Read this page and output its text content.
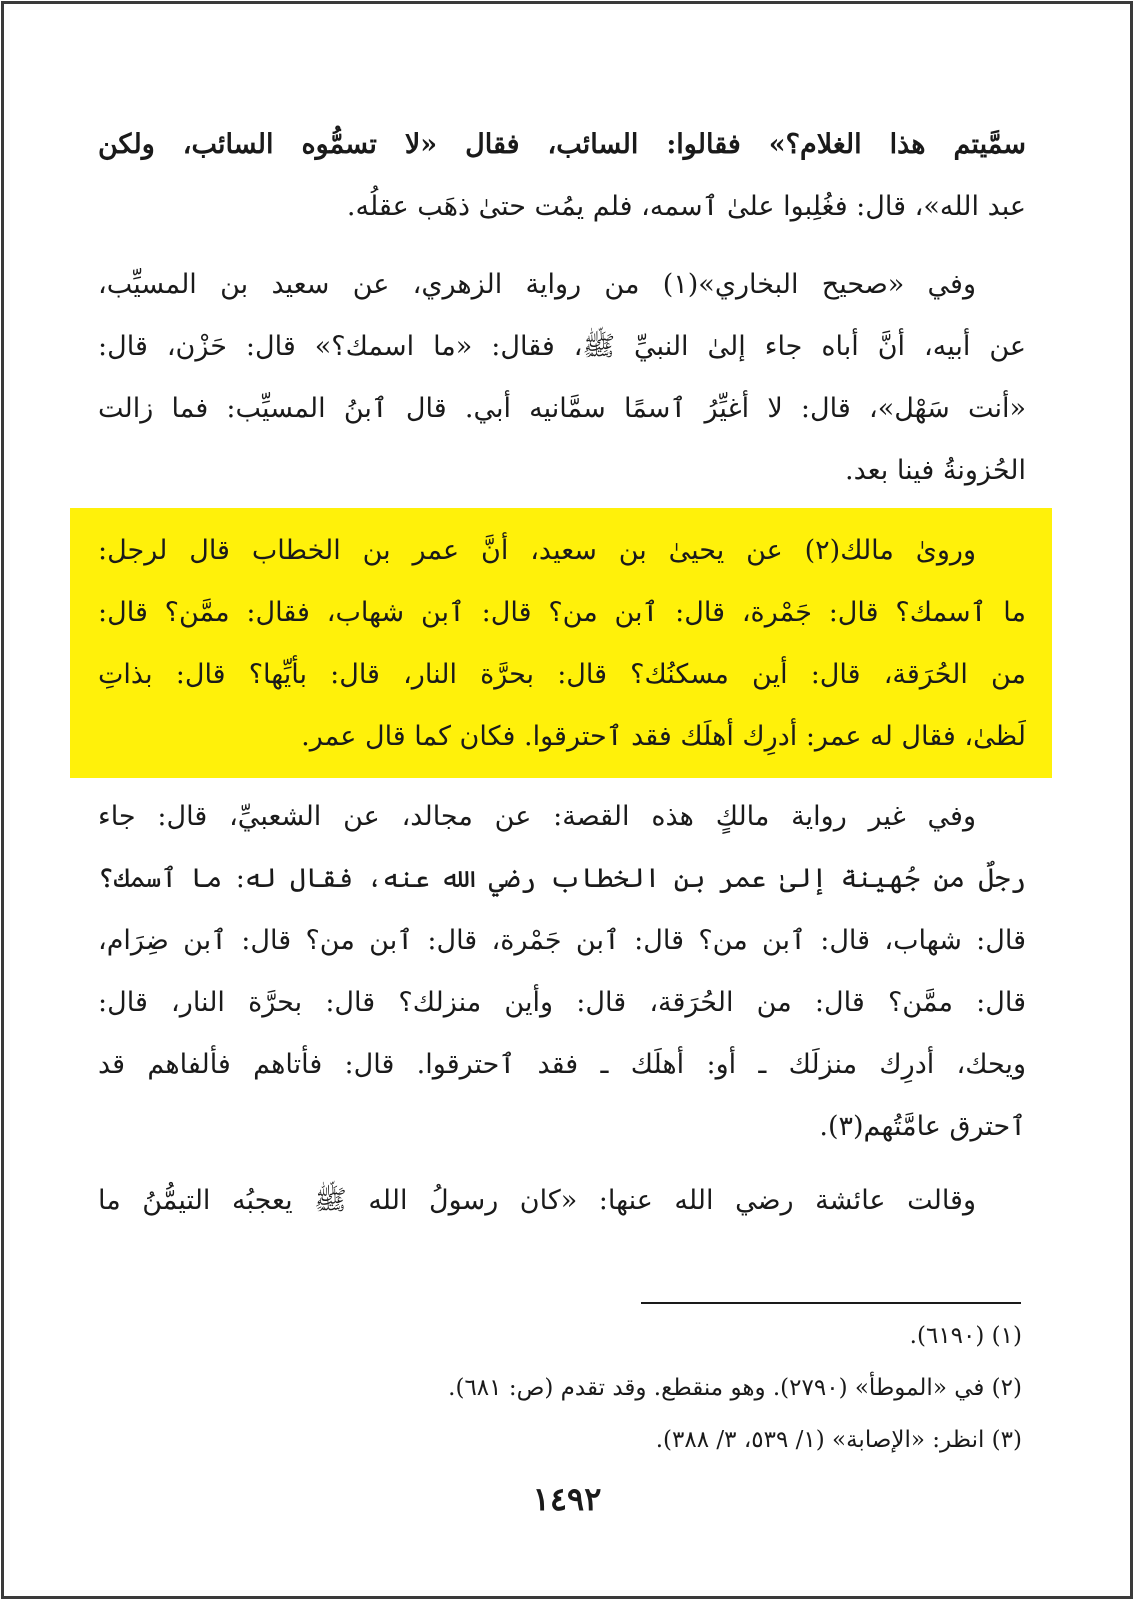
سمَّيتم هذا الغلام؟» فقالوا: السائب، فقال «لا تسمُّوه السائب، ولكن
عبد الله»، قال: فغُلِبوا علىٰ ٱسمه، فلم يمُت حتىٰ ذهَب عقلُه.
وفي «صحيح البخاري»(١) من رواية الزهري، عن سعيد بن المسيِّب،
عن أبيه، أنَّ أباه جاء إلىٰ النبيِّ ﷺ، فقال: «ما اسمك؟» قال: حَزْن، قال:
«أنت سَهْل»، قال: لا أغيِّرُ ٱسمًا سمَّانيه أبي. قال ٱبنُ المسيِّب: فما زالت
الحُزونةُ فينا بعد.
وروىٰ مالك(٢) عن يحيىٰ بن سعيد، أنَّ عمر بن الخطاب قال لرجل:
ما ٱسمك؟ قال: جَمْرة، قال: ٱبن من؟ قال: ٱبن شهاب، فقال: ممَّن؟ قال:
من الحُرَقة، قال: أين مسكنُك؟ قال: بحرَّة النار، قال: بأيِّها؟ قال: بذاتِ
لَظىٰ، فقال له عمر: أدرِك أهلَك فقد ٱحترقوا. فكان كما قال عمر.
وفي غير رواية مالكٍ هذه القصة: عن مجالد، عن الشعبيِّ، قال: جاء
رجلٌ من جُهينة إلىٰ عمر بن الخطاب رضي الله عنه، فقال له: ما ٱسمك؟
قال: شهاب، قال: ٱبن من؟ قال: ٱبن جَمْرة، قال: ٱبن من؟ قال: ٱبن ضِرَام،
قال: ممَّن؟ قال: من الحُرَقة، قال: وأين منزلك؟ قال: بحرَّة النار، قال:
ويحك، أدرِك منزلَك ـ أو: أهلَك ـ فقد ٱحترقوا. قال: فأتاهم فألفاهم قد
ٱحترق عامَّتُهم(٣).
وقالت عائشة رضي الله عنها: «كان رسولُ الله ﷺ يعجبُه التيمُّنُ ما
(١) (٦١٩٠).
(٢) في «الموطأ» (٢٧٩٠). وهو منقطع. وقد تقدم (ص: ٦٨١).
(٣) انظر: «الإصابة» (١/ ٥٣٩، ٣/ ٣٨٨).
١٤٩٢
